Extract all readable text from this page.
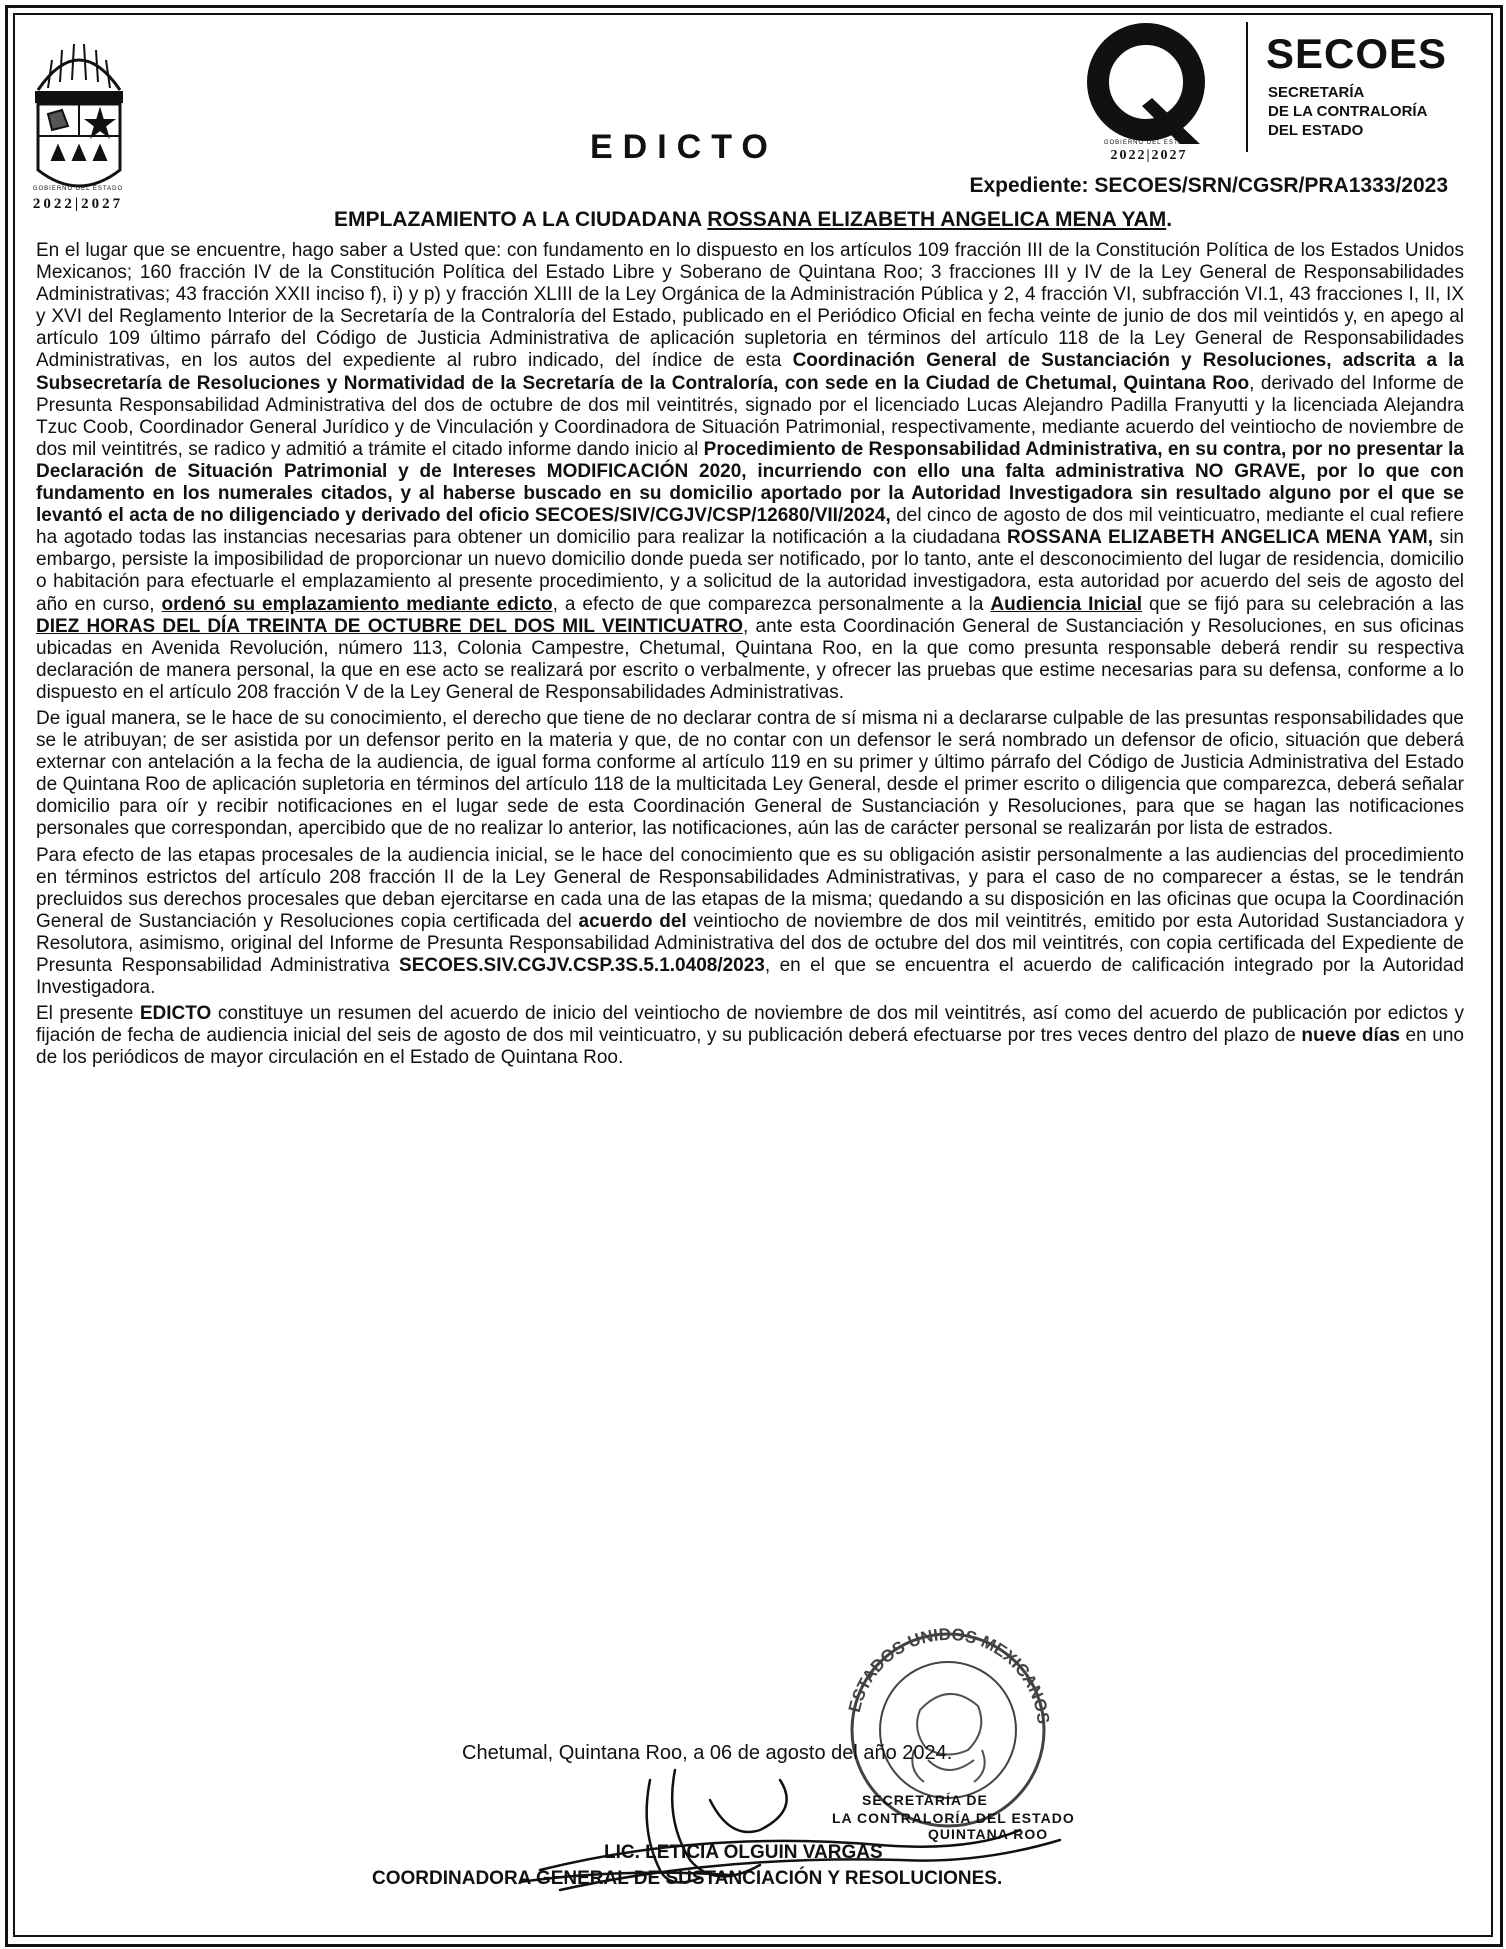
GOBIERNO DEL ESTADO
2022|2027
GOBIERNO DEL ESTADO
2022|2027
SECOES
SECRETARÍA
DE LA CONTRALORÍA
DEL ESTADO
EDICTO
Expediente: SECOES/SRN/CGSR/PRA1333/2023
EMPLAZAMIENTO A LA CIUDADANA ROSSANA ELIZABETH ANGELICA MENA YAM.

En el lugar que se encuentre, hago saber a Usted que: con fundamento en lo dispuesto en los artículos 109 fracción III de la Constitución Política de los Estados Unidos Mexicanos; 160 fracción IV de la Constitución Política del Estado Libre y Soberano de Quintana Roo; 3 fracciones III y IV de la Ley General de Responsabilidades Administrativas; 43 fracción XXII inciso f), i) y p) y fracción XLIII de la Ley Orgánica de la Administración Pública y 2, 4 fracción VI, subfracción VI.1, 43 fracciones I, II, IX y XVI del Reglamento Interior de la Secretaría de la Contraloría del Estado, publicado en el Periódico Oficial en fecha veinte de junio de dos mil veintidós y, en apego al artículo 109 último párrafo del Código de Justicia Administrativa de aplicación supletoria en términos del artículo 118 de la Ley General de Responsabilidades Administrativas, en los autos del expediente al rubro indicado, del índice de esta Coordinación General de Sustanciación y Resoluciones, adscrita a la Subsecretaría de Resoluciones y Normatividad de la Secretaría de la Contraloría, con sede en la Ciudad de Chetumal, Quintana Roo, derivado del Informe de Presunta Responsabilidad Administrativa del dos de octubre de dos mil veintitrés, signado por el licenciado Lucas Alejandro Padilla Franyutti y la licenciada Alejandra Tzuc Coob, Coordinador General Jurídico y de Vinculación y Coordinadora de Situación Patrimonial, respectivamente, mediante acuerdo del veintiocho de noviembre de dos mil veintitrés, se radico y admitió a trámite el citado informe dando inicio al Procedimiento de Responsabilidad Administrativa, en su contra, por no presentar la Declaración de Situación Patrimonial y de Intereses MODIFICACIÓN 2020, incurriendo con ello una falta administrativa NO GRAVE, por lo que con fundamento en los numerales citados, y al haberse buscado en su domicilio aportado por la Autoridad Investigadora sin resultado alguno por el que se levantó el acta de no diligenciado y derivado del oficio SECOES/SIV/CGJV/CSP/12680/VII/2024, del cinco de agosto de dos mil veinticuatro, mediante el cual refiere ha agotado todas las instancias necesarias para obtener un domicilio para realizar la notificación a la ciudadana ROSSANA ELIZABETH ANGELICA MENA YAM, sin embargo, persiste la imposibilidad de proporcionar un nuevo domicilio donde pueda ser notificado, por lo tanto, ante el desconocimiento del lugar de residencia, domicilio o habitación para efectuarle el emplazamiento al presente procedimiento, y a solicitud de la autoridad investigadora, esta autoridad por acuerdo del seis de agosto del año en curso, ordenó su emplazamiento mediante edicto, a efecto de que comparezca personalmente a la Audiencia Inicial que se fijó para su celebración a las DIEZ HORAS DEL DÍA TREINTA DE OCTUBRE DEL DOS MIL VEINTICUATRO, ante esta Coordinación General de Sustanciación y Resoluciones, en sus oficinas ubicadas en Avenida Revolución, número 113, Colonia Campestre, Chetumal, Quintana Roo, en la que como presunta responsable deberá rendir su respectiva declaración de manera personal, la que en ese acto se realizará por escrito o verbalmente, y ofrecer las pruebas que estime necesarias para su defensa, conforme a lo dispuesto en el artículo 208 fracción V de la Ley General de Responsabilidades Administrativas.

De igual manera, se le hace de su conocimiento, el derecho que tiene de no declarar contra de sí misma ni a declararse culpable de las presuntas responsabilidades que se le atribuyan; de ser asistida por un defensor perito en la materia y que, de no contar con un defensor le será nombrado un defensor de oficio, situación que deberá externar con antelación a la fecha de la audiencia, de igual forma conforme al artículo 119 en su primer y último párrafo del Código de Justicia Administrativa del Estado de Quintana Roo de aplicación supletoria en términos del artículo 118 de la multicitada Ley General, desde el primer escrito o diligencia que comparezca, deberá señalar domicilio para oír y recibir notificaciones en el lugar sede de esta Coordinación General de Sustanciación y Resoluciones, para que se hagan las notificaciones personales que correspondan, apercibido que de no realizar lo anterior, las notificaciones, aún las de carácter personal se realizarán por lista de estrados.

Para efecto de las etapas procesales de la audiencia inicial, se le hace del conocimiento que es su obligación asistir personalmente a las audiencias del procedimiento en términos estrictos del artículo 208 fracción II de la Ley General de Responsabilidades Administrativas, y para el caso de no comparecer a éstas, se le tendrán precluidos sus derechos procesales que deban ejercitarse en cada una de las etapas de la misma; quedando a su disposición en las oficinas que ocupa la Coordinación General de Sustanciación y Resoluciones copia certificada del acuerdo del veintiocho de noviembre de dos mil veintitrés, emitido por esta Autoridad Sustanciadora y Resolutora, asimismo, original del Informe de Presunta Responsabilidad Administrativa del dos de octubre del dos mil veintitrés, con copia certificada del Expediente de Presunta Responsabilidad Administrativa SECOES.SIV.CGJV.CSP.3S.5.1.0408/2023, en el que se encuentra el acuerdo de calificación integrado por la Autoridad Investigadora.

El presente EDICTO constituye un resumen del acuerdo de inicio del veintiocho de noviembre de dos mil veintitrés, así como del acuerdo de publicación por edictos y fijación de fecha de audiencia inicial del seis de agosto de dos mil veinticuatro, y su publicación deberá efectuarse por tres veces dentro del plazo de nueve días en uno de los periódicos de mayor circulación en el Estado de Quintana Roo.

ESTADOS UNIDOS MEXICANOS
Chetumal, Quintana Roo, a 06 de agosto del año 2024.
SECRETARÍA DE
LA CONTRALORÍA DEL ESTADO
QUINTANA ROO
LIC. LETICIA OLGUIN VARGAS
COORDINADORA GENERAL DE SUSTANCIACIÓN Y RESOLUCIONES.
